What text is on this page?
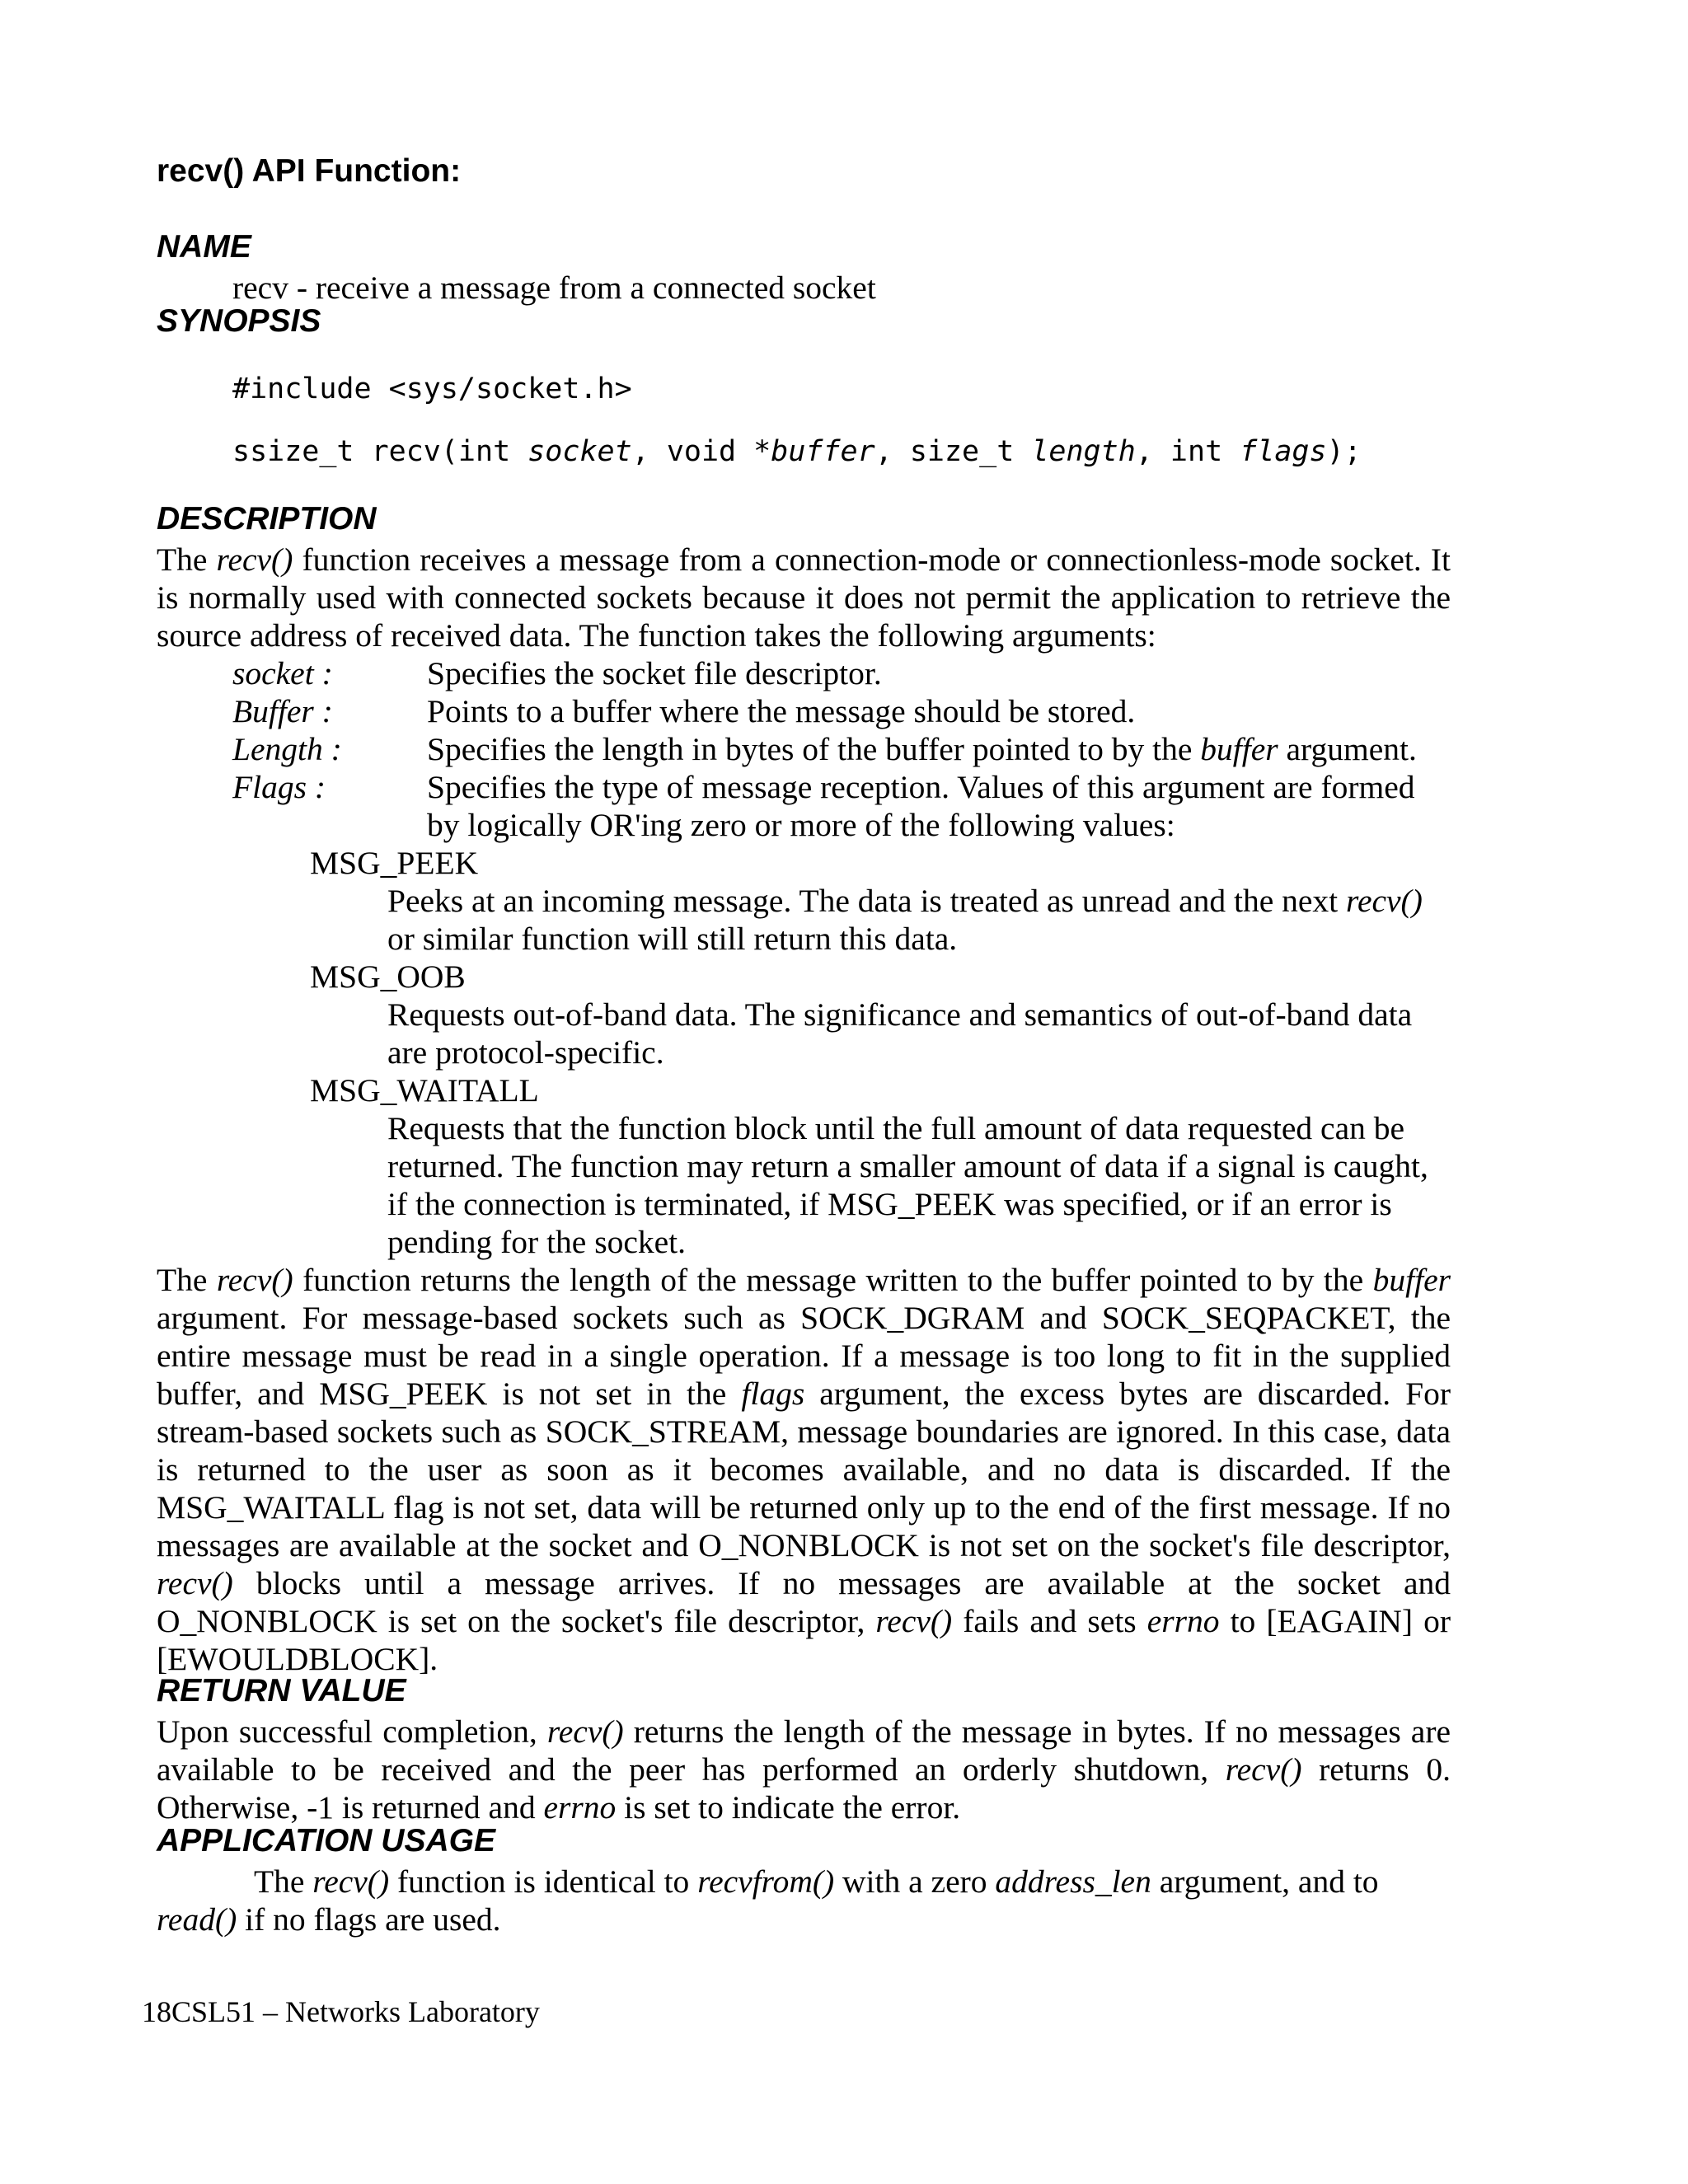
recv() API Function:
NAME
recv - receive a message from a connected socket
SYNOPSIS
#include <sys/socket.h>
ssize_t recv(int socket, void *buffer, size_t length, int flags);
DESCRIPTION
The recv() function receives a message from a connection-mode or connectionless-mode socket. It is normally used with connected sockets because it does not permit the application to retrieve the source address of received data. The function takes the following arguments:
socket :	Specifies the socket file descriptor.
Buffer :	Points to a buffer where the message should be stored.
Length :	Specifies the length in bytes of the buffer pointed to by the buffer argument.
Flags :	Specifies the type of message reception. Values of this argument are formed by logically OR'ing zero or more of the following values:
MSG_PEEK
Peeks at an incoming message. The data is treated as unread and the next recv() or similar function will still return this data.
MSG_OOB
Requests out-of-band data. The significance and semantics of out-of-band data are protocol-specific.
MSG_WAITALL
Requests that the function block until the full amount of data requested can be returned. The function may return a smaller amount of data if a signal is caught, if the connection is terminated, if MSG_PEEK was specified, or if an error is pending for the socket.
The recv() function returns the length of the message written to the buffer pointed to by the buffer argument. For message-based sockets such as SOCK_DGRAM and SOCK_SEQPACKET, the entire message must be read in a single operation. If a message is too long to fit in the supplied buffer, and MSG_PEEK is not set in the flags argument, the excess bytes are discarded. For stream-based sockets such as SOCK_STREAM, message boundaries are ignored. In this case, data is returned to the user as soon as it becomes available, and no data is discarded. If the MSG_WAITALL flag is not set, data will be returned only up to the end of the first message. If no messages are available at the socket and O_NONBLOCK is not set on the socket's file descriptor, recv() blocks until a message arrives. If no messages are available at the socket and O_NONBLOCK is set on the socket's file descriptor, recv() fails and sets errno to [EAGAIN] or [EWOULDBLOCK].
RETURN VALUE
Upon successful completion, recv() returns the length of the message in bytes. If no messages are available to be received and the peer has performed an orderly shutdown, recv() returns 0. Otherwise, -1 is returned and errno is set to indicate the error.
APPLICATION USAGE
The recv() function is identical to recvfrom() with a zero address_len argument, and to read() if no flags are used.
18CSL51 – Networks Laboratory
